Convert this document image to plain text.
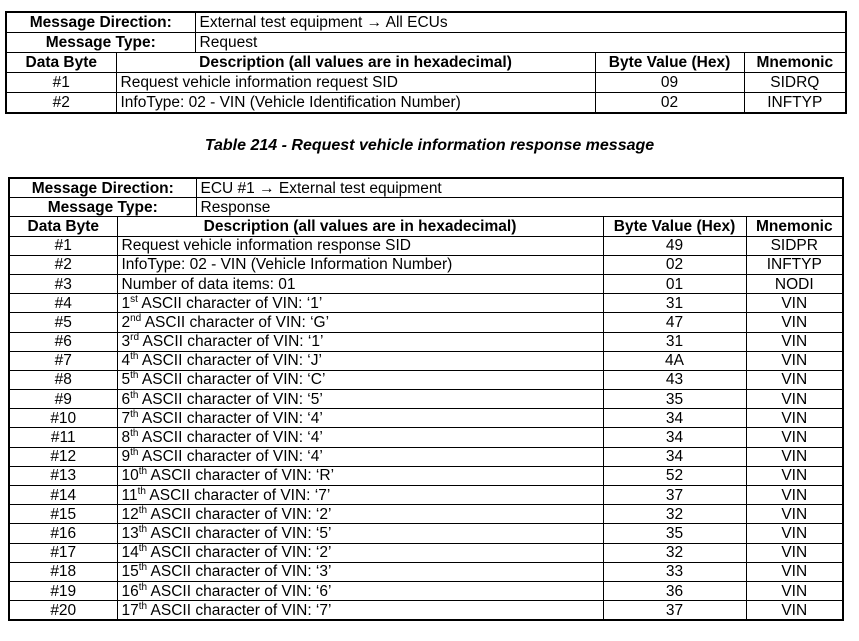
Message Direction:		External test equipment → All ECUs		
Message Type:		Request		
Data Byte	Description (all values are in hexadecimal)		Byte Value (Hex)	Mnemonic
#1	Request vehicle information request SID		09	SIDRQ
#2	InfoType: 02 - VIN (Vehicle Identification Number)		02	INFTYP
Table 214 - Request vehicle information response message
Message Direction:		ECU #1 → External test equipment		
Message Type:		Response		
Data Byte	Description (all values are in hexadecimal)		Byte Value (Hex)	Mnemonic
#1	Request vehicle information response SID		49	SIDPR
#2	InfoType: 02 - VIN (Vehicle Information Number)		02	INFTYP
#3	Number of data items: 01		01	NODI
#4	1st ASCII character of VIN: ‘1’		31	VIN
#5	2nd ASCII character of VIN: ‘G’		47	VIN
#6	3rd ASCII character of VIN: ‘1’		31	VIN
#7	4th ASCII character of VIN: ‘J’		4A	VIN
#8	5th ASCII character of VIN: ‘C’		43	VIN
#9	6th ASCII character of VIN: ‘5’		35	VIN
#10	7th ASCII character of VIN: ‘4’		34	VIN
#11	8th ASCII character of VIN: ‘4’		34	VIN
#12	9th ASCII character of VIN: ‘4’		34	VIN
#13	10th ASCII character of VIN: ‘R’		52	VIN
#14	11th ASCII character of VIN: ‘7’		37	VIN
#15	12th ASCII character of VIN: ‘2’		32	VIN
#16	13th ASCII character of VIN: ‘5’		35	VIN
#17	14th ASCII character of VIN: ‘2’		32	VIN
#18	15th ASCII character of VIN: ‘3’		33	VIN
#19	16th ASCII character of VIN: ‘6’		36	VIN
#20	17th ASCII character of VIN: ‘7’		37	VIN
